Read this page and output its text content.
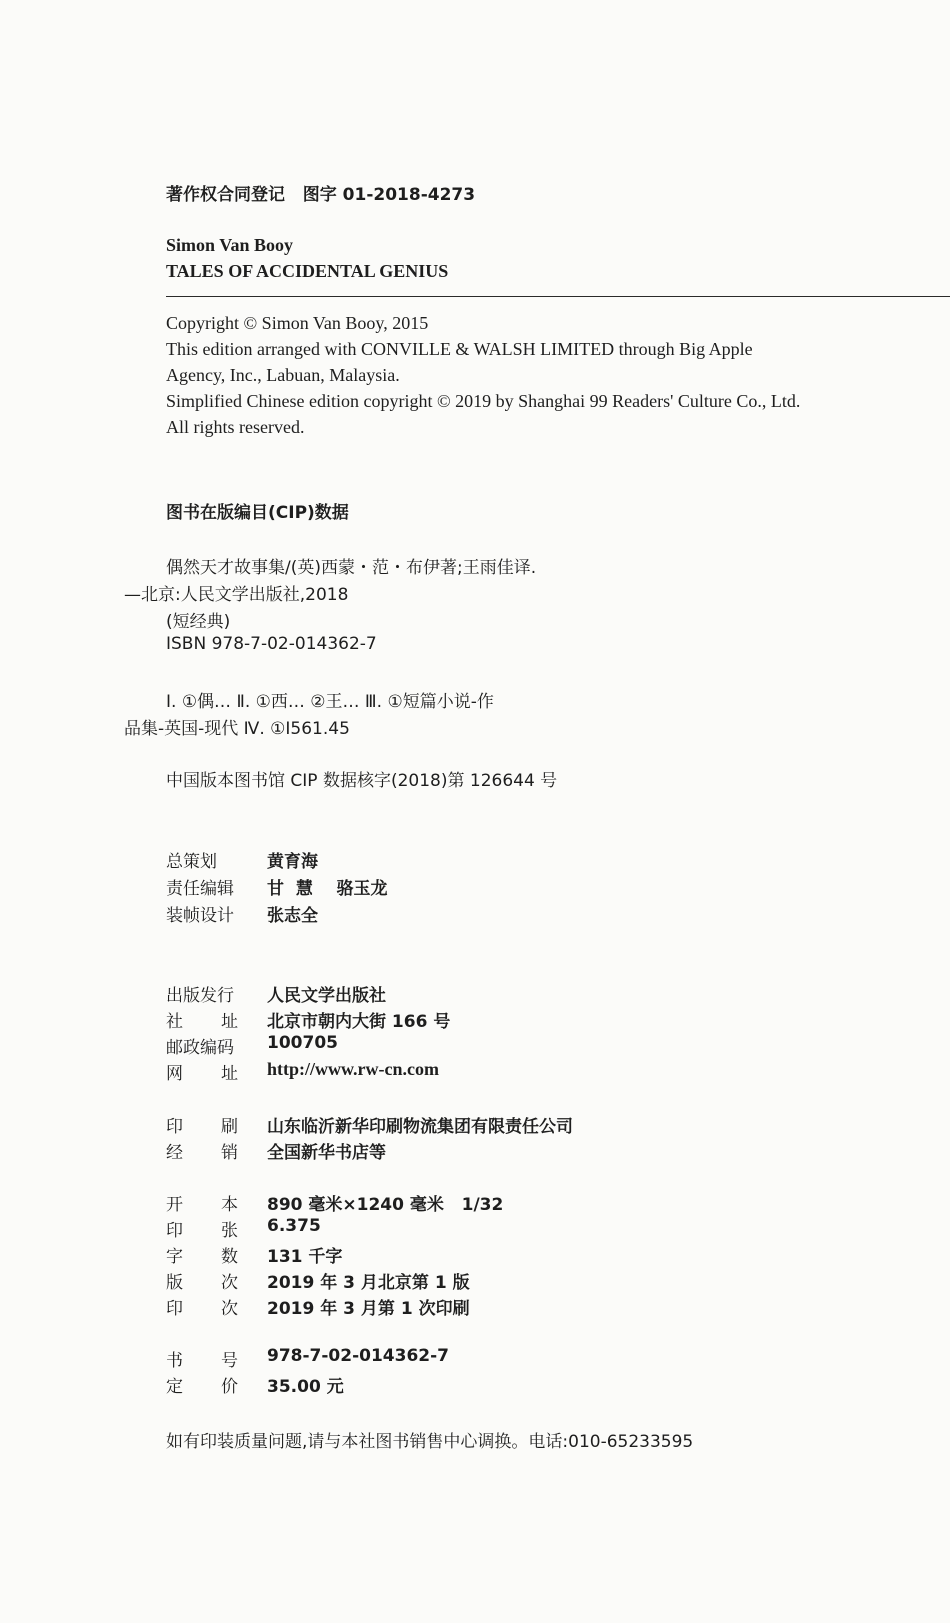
著作权合同登记 图字 01-2018-4273
Simon Van Booy
TALES OF ACCIDENTAL GENIUS
Copyright © Simon Van Booy, 2015
This edition arranged with CONVILLE & WALSH LIMITED through Big Apple
Agency, Inc., Labuan, Malaysia.
Simplified Chinese edition copyright © 2019 by Shanghai 99 Readers' Culture Co., Ltd.
All rights reserved.
图书在版编目(CIP)数据
偶然天才故事集/(英)西蒙・范・布伊著;王雨佳译.
—北京:人民文学出版社,2018
(短经典)
ISBN 978-7-02-014362-7
Ⅰ. ①偶… Ⅱ. ①西… ②王… Ⅲ. ①短篇小说-作
品集-英国-现代 Ⅳ. ①I561.45
中国版本图书馆 CIP 数据核字(2018)第 126644 号
总策划	黄育海
责任编辑 甘  慧    骆玉龙
装帧设计 张志全
出版发行 人民文学出版社
社址
北京市朝内大街 166 号
邮政编码 100705
网址
http://www.rw-cn.com
印刷
山东临沂新华印刷物流集团有限责任公司
经销
全国新华书店等
开本
890 毫米×1240 毫米   1/32
印张
6.375
字数
131 千字
版次
2019 年 3 月北京第 1 版
印次
2019 年 3 月第 1 次印刷
书号
978-7-02-014362-7
定价
35.00 元
如有印装质量问题,请与本社图书销售中心调换。电话:010-65233595
